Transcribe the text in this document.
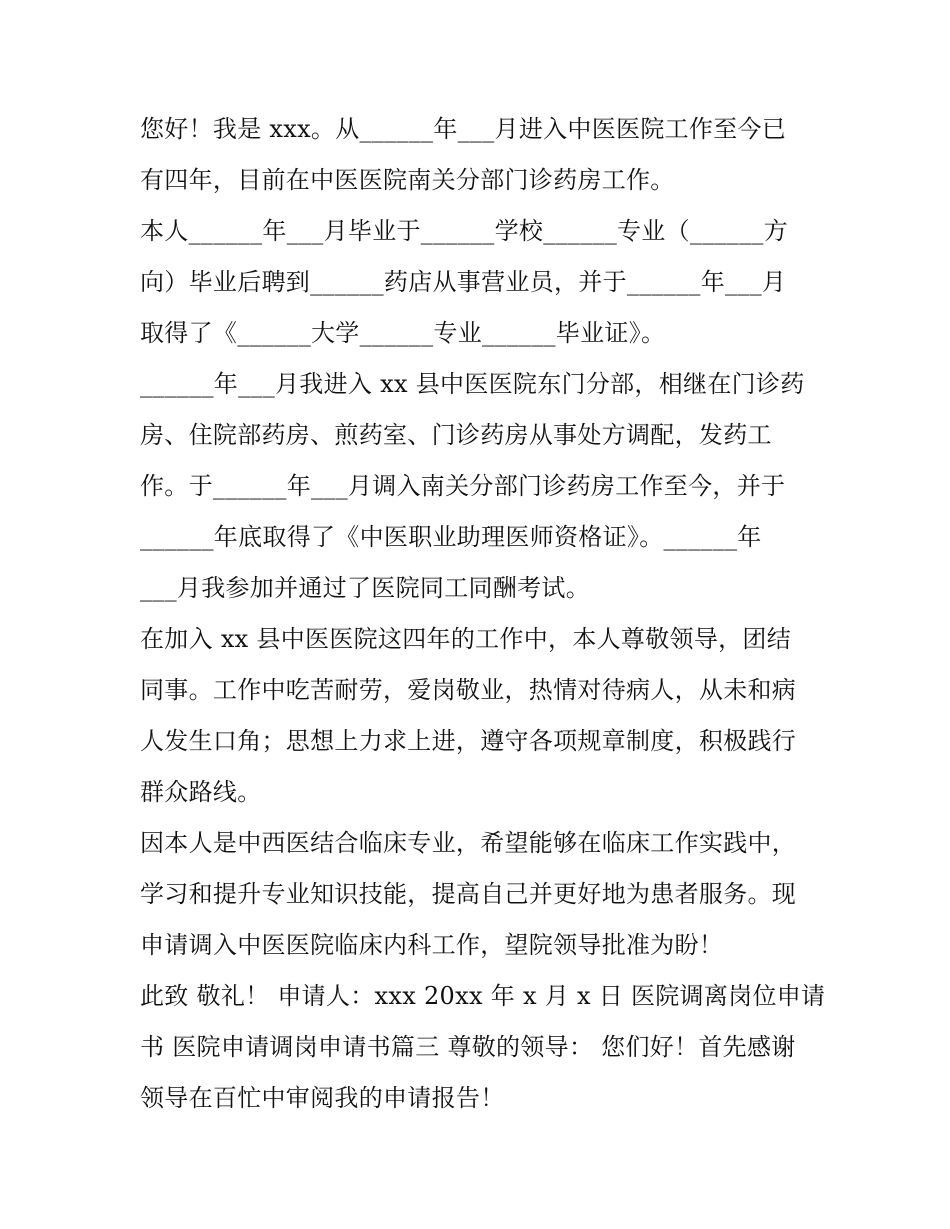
您好！我是 xxx。从______年___月进入中医医院工作至今已

有四年，目前在中医医院南关分部门诊药房工作。

本人______年___月毕业于______学校______专业（______方

向）毕业后聘到______药店从事营业员，并于______年___月

取得了《______大学______专业______毕业证》。

______年___月我进入 xx 县中医医院东门分部，相继在门诊药

房、住院部药房、煎药室、门诊药房从事处方调配，发药工

作。于______年___月调入南关分部门诊药房工作至今，并于

______年底取得了《中医职业助理医师资格证》。______年

___月我参加并通过了医院同工同酬考试。

在加入 xx 县中医医院这四年的工作中，本人尊敬领导，团结

同事。工作中吃苦耐劳，爱岗敬业，热情对待病人，从未和病

人发生口角；思想上力求上进，遵守各项规章制度，积极践行

群众路线。

因本人是中西医结合临床专业，希望能够在临床工作实践中，

学习和提升专业知识技能，提高自己并更好地为患者服务。现

申请调入中医医院临床内科工作，望院领导批准为盼！

此致 敬礼！ 申请人：xxx 20xx 年 x 月 x 日 医院调离岗位申请

书 医院申请调岗申请书篇三 尊敬的领导： 您们好！首先感谢

领导在百忙中审阅我的申请报告！
